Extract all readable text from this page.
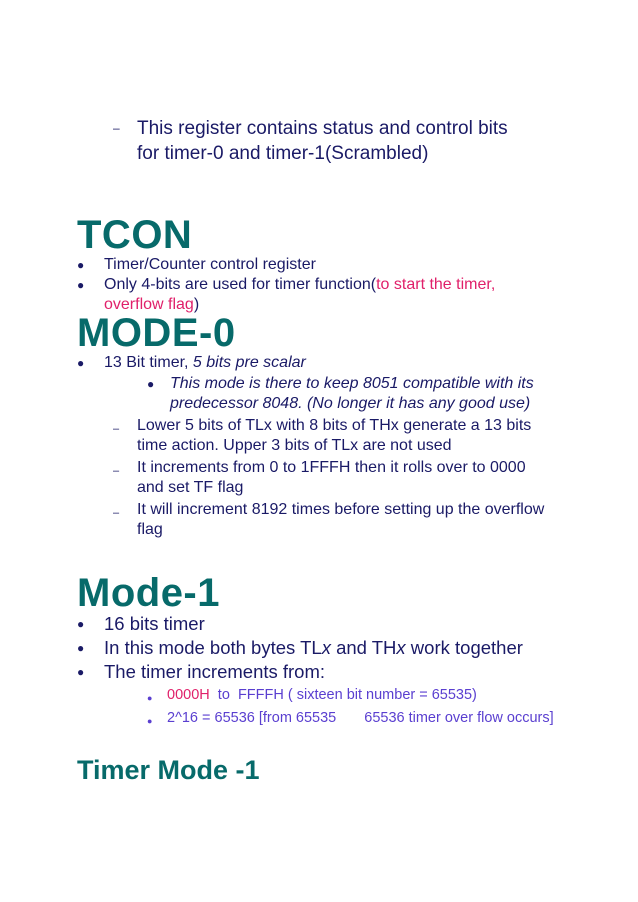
– This register contains status and control bits
for timer-0 and timer-1(Scrambled)
TCON
●	Timer/Counter control register
●	Only 4-bits are used for timer function(to start the timer,
overflow flag)
MODE-0
●	13 Bit timer, 5 bits pre scalar
● This mode is there to keep 8051 compatible with its
predecessor 8048. (No longer it has any good use)
–	Lower 5 bits of TLx with 8 bits of THx generate a 13 bits
time action. Upper 3 bits of TLx are not used
–	It increments from 0 to 1FFFH then it rolls over to 0000
and set TF flag
–	It will increment 8192 times before setting up the overflow
flag
Mode-1
●	16 bits timer
●	In this mode both bytes TLx and THx work together
●	The timer increments from:
●	0000H  to  FFFFH ( sixteen bit number = 65535)
●	2^16 = 65536 [from 65535 65536 timer over flow occurs]
Timer Mode -1
